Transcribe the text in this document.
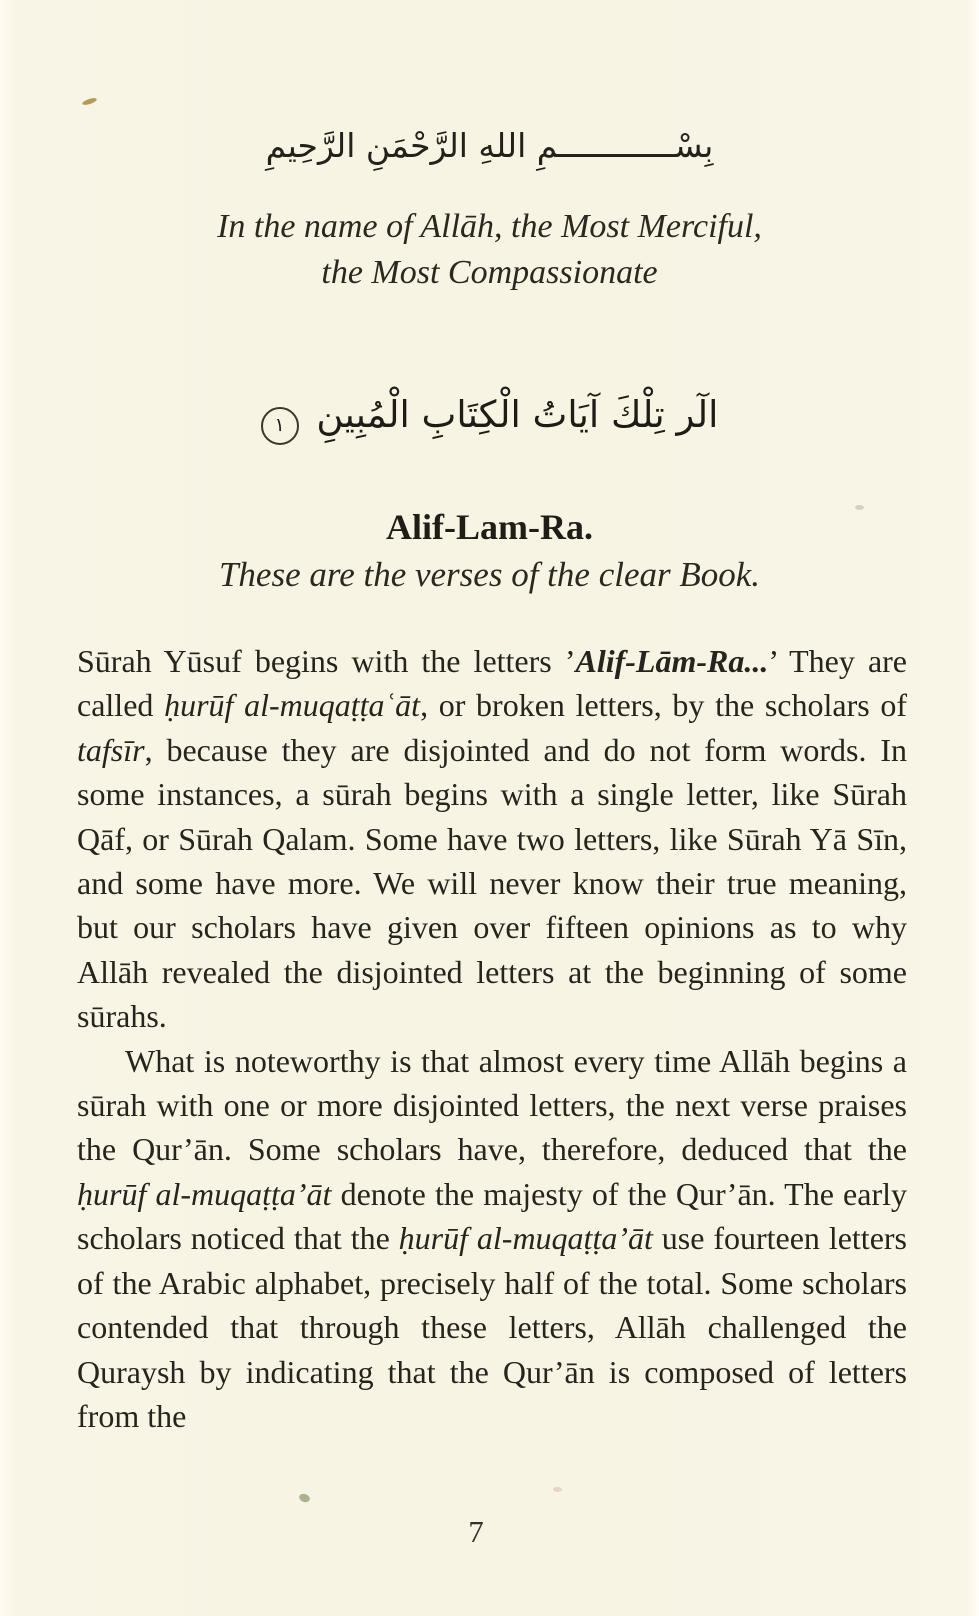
بِسْــــــــــــمِ اللهِ الرَّحْمَنِ الرَّحِيمِ
In the name of Allāh, the Most Merciful,
the Most Compassionate
الٓر تِلْكَ آيَاتُ الْكِتَابِ الْمُبِينِ ١
Alif-Lam-Ra.
These are the verses of the clear Book.

Sūrah Yūsuf begins with the letters ’Alif-Lām-Ra...’ They are called ḥurūf al-muqaṭṭaʿāt, or broken letters, by the scholars of tafsīr, because they are disjointed and do not form words. In some instances, a sūrah begins with a single letter, like Sūrah Qāf, or Sūrah Qalam. Some have two letters, like Sūrah Yā Sīn, and some have more. We will never know their true meaning, but our scholars have given over fifteen opinions as to why Allāh revealed the disjointed letters at the beginning of some sūrahs.

What is noteworthy is that almost every time Allāh begins a sūrah with one or more disjointed letters, the next verse praises the Qur’ān. Some scholars have, therefore, deduced that the ḥurūf al-muqaṭṭa’āt denote the majesty of the Qur’ān. The early scholars noticed that the ḥurūf al-muqaṭṭa’āt use fourteen letters of the Arabic alphabet, precisely half of the total. Some scholars contended that through these letters, Allāh challenged the Quraysh by indicating that the Qur’ān is composed of letters from the

7
